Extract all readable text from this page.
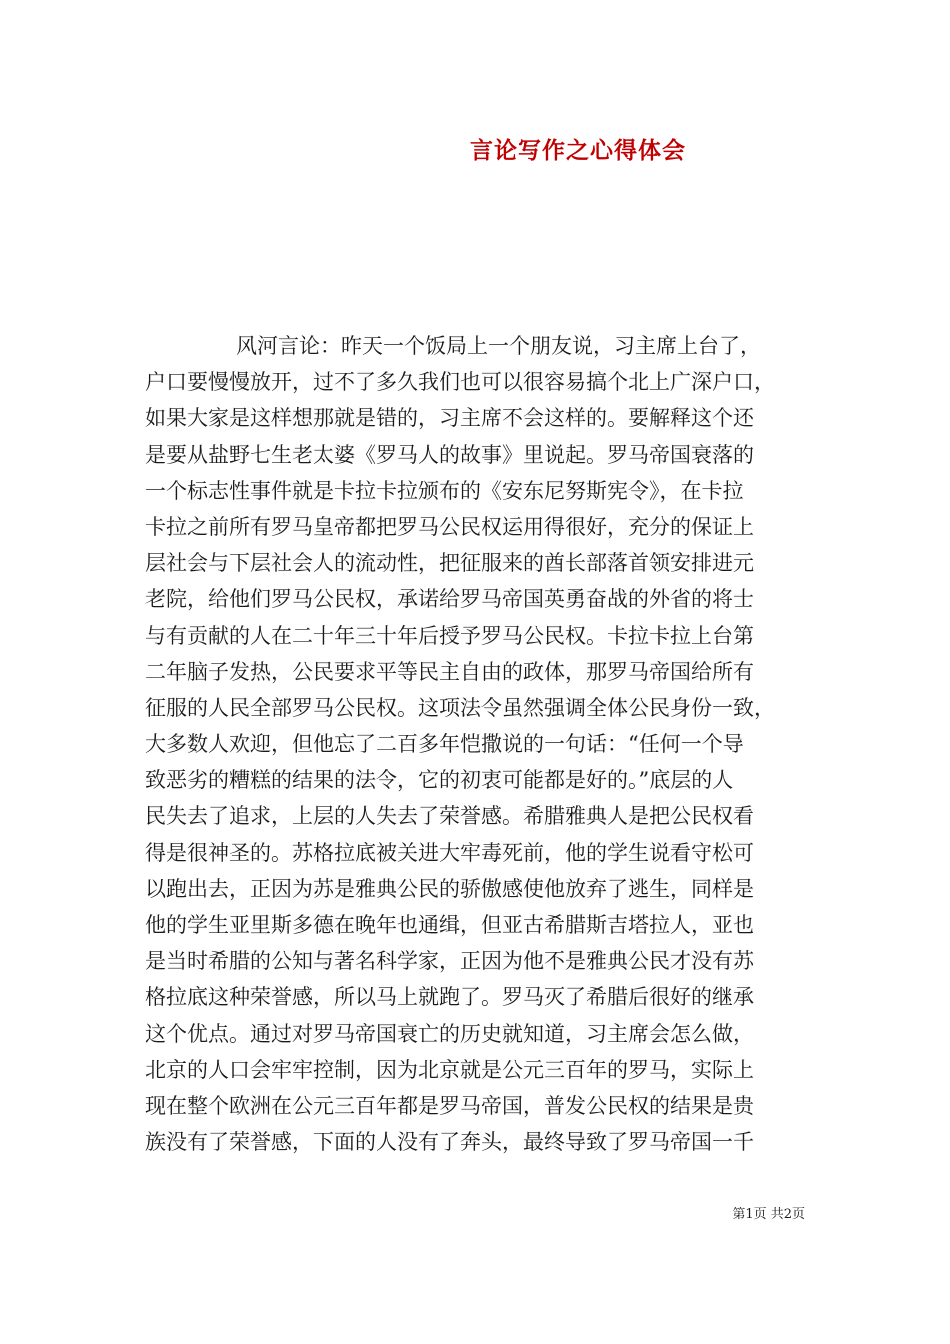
言论写作之心得体会
风河言论：昨天一个饭局上一个朋友说，习主席上台了，
户口要慢慢放开，过不了多久我们也可以很容易搞个北上广深户口，
如果大家是这样想那就是错的，习主席不会这样的。要解释这个还
是要从盐野七生老太婆《罗马人的故事》里说起。罗马帝国衰落的
一个标志性事件就是卡拉卡拉颁布的《安东尼努斯宪令》，在卡拉
卡拉之前所有罗马皇帝都把罗马公民权运用得很好，充分的保证上
层社会与下层社会人的流动性，把征服来的酋长部落首领安排进元
老院，给他们罗马公民权，承诺给罗马帝国英勇奋战的外省的将士
与有贡献的人在二十年三十年后授予罗马公民权。卡拉卡拉上台第
二年脑子发热，公民要求平等民主自由的政体，那罗马帝国给所有
征服的人民全部罗马公民权。这项法令虽然强调全体公民身份一致，
大多数人欢迎，但他忘了二百多年恺撒说的一句话：“任何一个导
致恶劣的糟糕的结果的法令，它的初衷可能都是好的。”底层的人
民失去了追求，上层的人失去了荣誉感。希腊雅典人是把公民权看
得是很神圣的。苏格拉底被关进大牢毒死前，他的学生说看守松可
以跑出去，正因为苏是雅典公民的骄傲感使他放弃了逃生，同样是
他的学生亚里斯多德在晚年也通缉，但亚古希腊斯吉塔拉人，亚也
是当时希腊的公知与著名科学家，正因为他不是雅典公民才没有苏
格拉底这种荣誉感，所以马上就跑了。罗马灭了希腊后很好的继承
这个优点。通过对罗马帝国衰亡的历史就知道，习主席会怎么做，
北京的人口会牢牢控制，因为北京就是公元三百年的罗马，实际上
现在整个欧洲在公元三百年都是罗马帝国，普发公民权的结果是贵
族没有了荣誉感，下面的人没有了奔头，最终导致了罗马帝国一千
第1页 共2页
